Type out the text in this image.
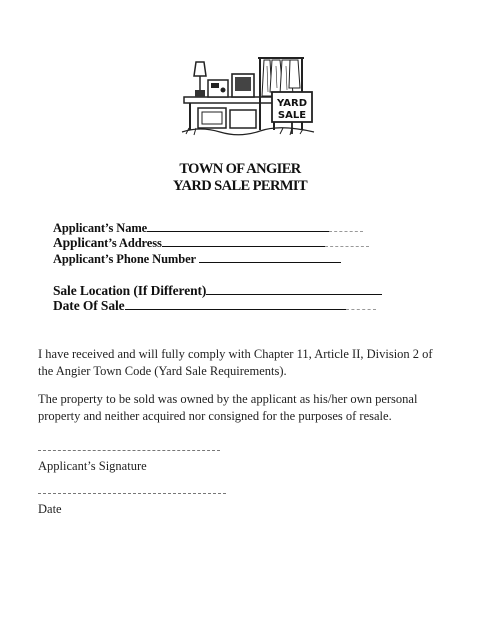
YARD
SALE
TOWN OF ANGIER
YARD SALE PERMIT
Applicant’s Name
Applicant’s Address
Applicant’s Phone Number
Sale Location (If Different)
Date Of Sale
I have received and will fully comply with Chapter 11, Article II, Division 2 of the Angier Town Code (Yard Sale Requirements).
The property to be sold was owned by the applicant as his/her own personal property and neither acquired nor consigned for the purposes of resale.
Applicant’s Signature
Date
